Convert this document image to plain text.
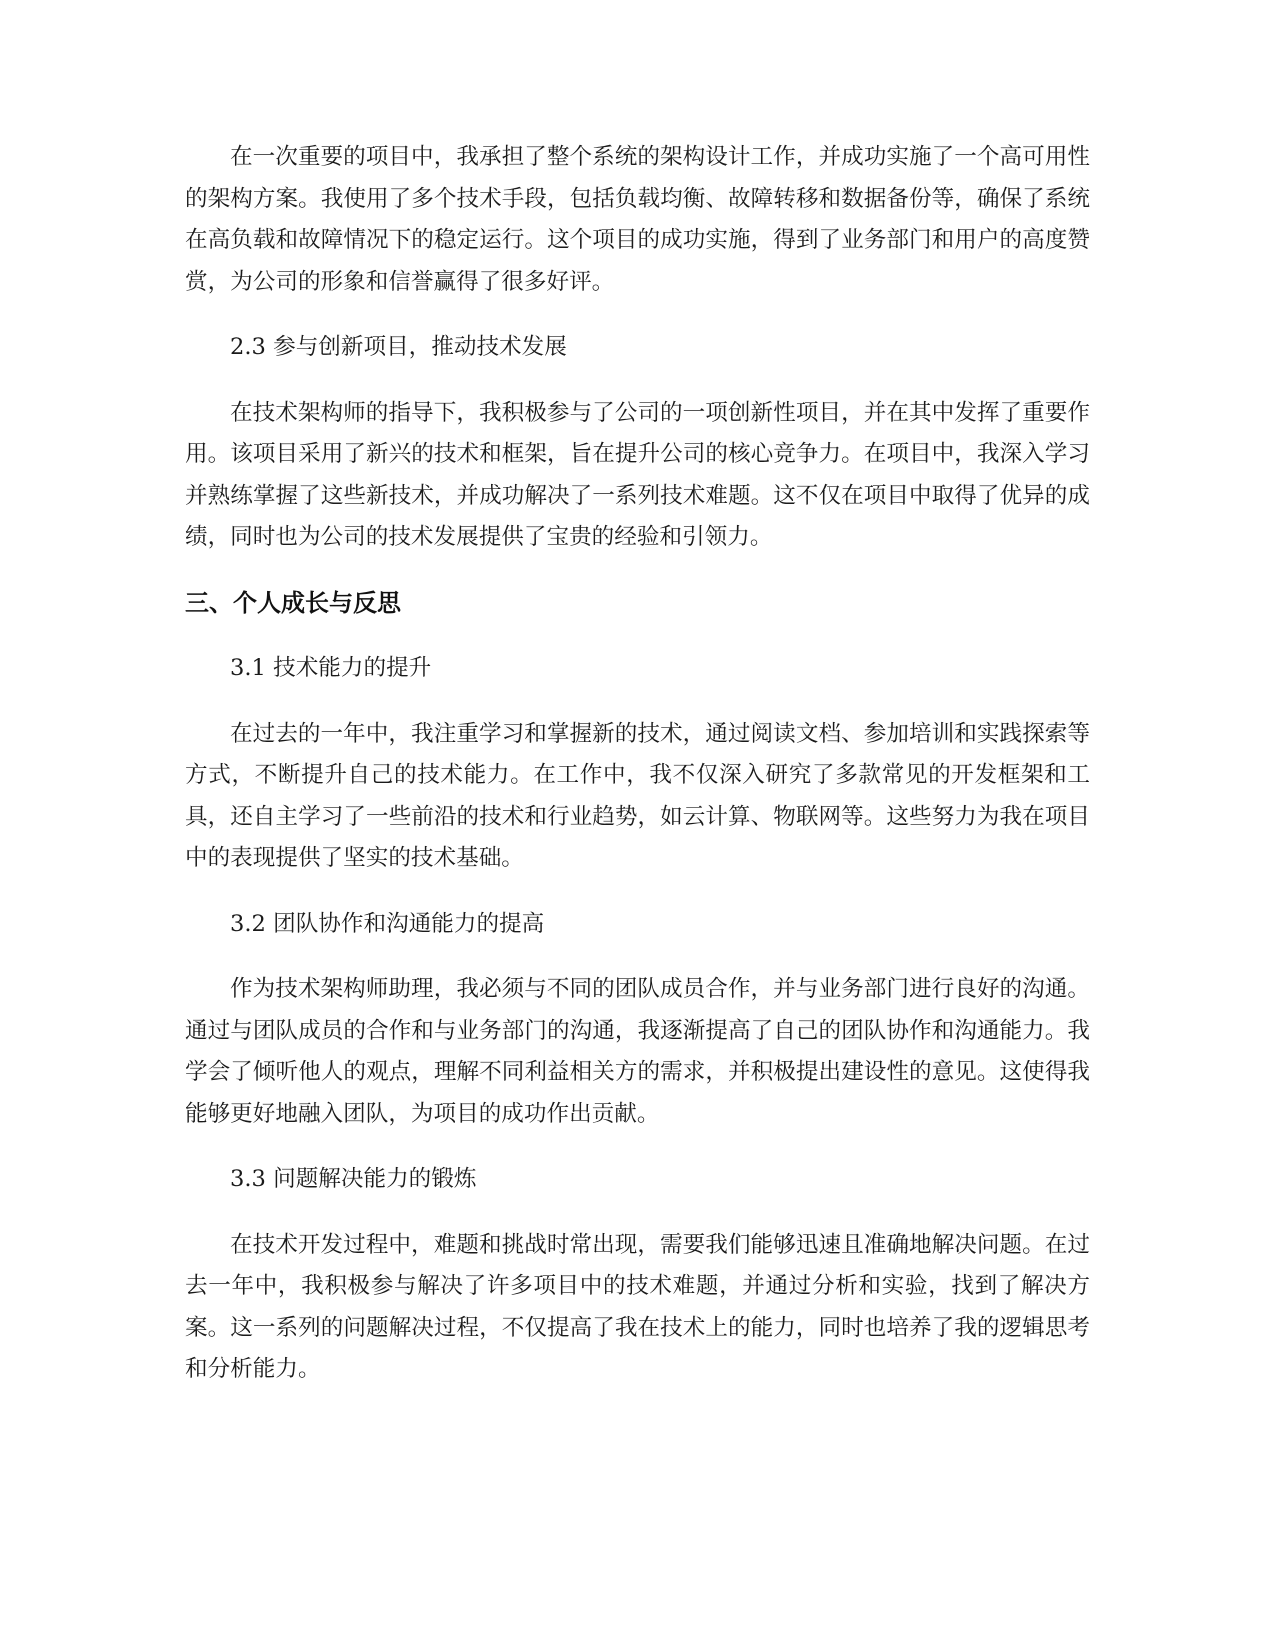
在一次重要的项目中，我承担了整个系统的架构设计工作，并成功实施了一个高可用性的架构方案。我使用了多个技术手段，包括负载均衡、故障转移和数据备份等，确保了系统在高负载和故障情况下的稳定运行。这个项目的成功实施，得到了业务部门和用户的高度赞赏，为公司的形象和信誉赢得了很多好评。

2.3 参与创新项目，推动技术发展

在技术架构师的指导下，我积极参与了公司的一项创新性项目，并在其中发挥了重要作用。该项目采用了新兴的技术和框架，旨在提升公司的核心竞争力。在项目中，我深入学习并熟练掌握了这些新技术，并成功解决了一系列技术难题。这不仅在项目中取得了优异的成绩，同时也为公司的技术发展提供了宝贵的经验和引领力。

三、个人成长与反思

3.1 技术能力的提升

在过去的一年中，我注重学习和掌握新的技术，通过阅读文档、参加培训和实践探索等方式，不断提升自己的技术能力。在工作中，我不仅深入研究了多款常见的开发框架和工具，还自主学习了一些前沿的技术和行业趋势，如云计算、物联网等。这些努力为我在项目中的表现提供了坚实的技术基础。

3.2 团队协作和沟通能力的提高

作为技术架构师助理，我必须与不同的团队成员合作，并与业务部门进行良好的沟通。通过与团队成员的合作和与业务部门的沟通，我逐渐提高了自己的团队协作和沟通能力。我学会了倾听他人的观点，理解不同利益相关方的需求，并积极提出建设性的意见。这使得我能够更好地融入团队，为项目的成功作出贡献。

3.3 问题解决能力的锻炼

在技术开发过程中，难题和挑战时常出现，需要我们能够迅速且准确地解决问题。在过去一年中，我积极参与解决了许多项目中的技术难题，并通过分析和实验，找到了解决方案。这一系列的问题解决过程，不仅提高了我在技术上的能力，同时也培养了我的逻辑思考和分析能力。
